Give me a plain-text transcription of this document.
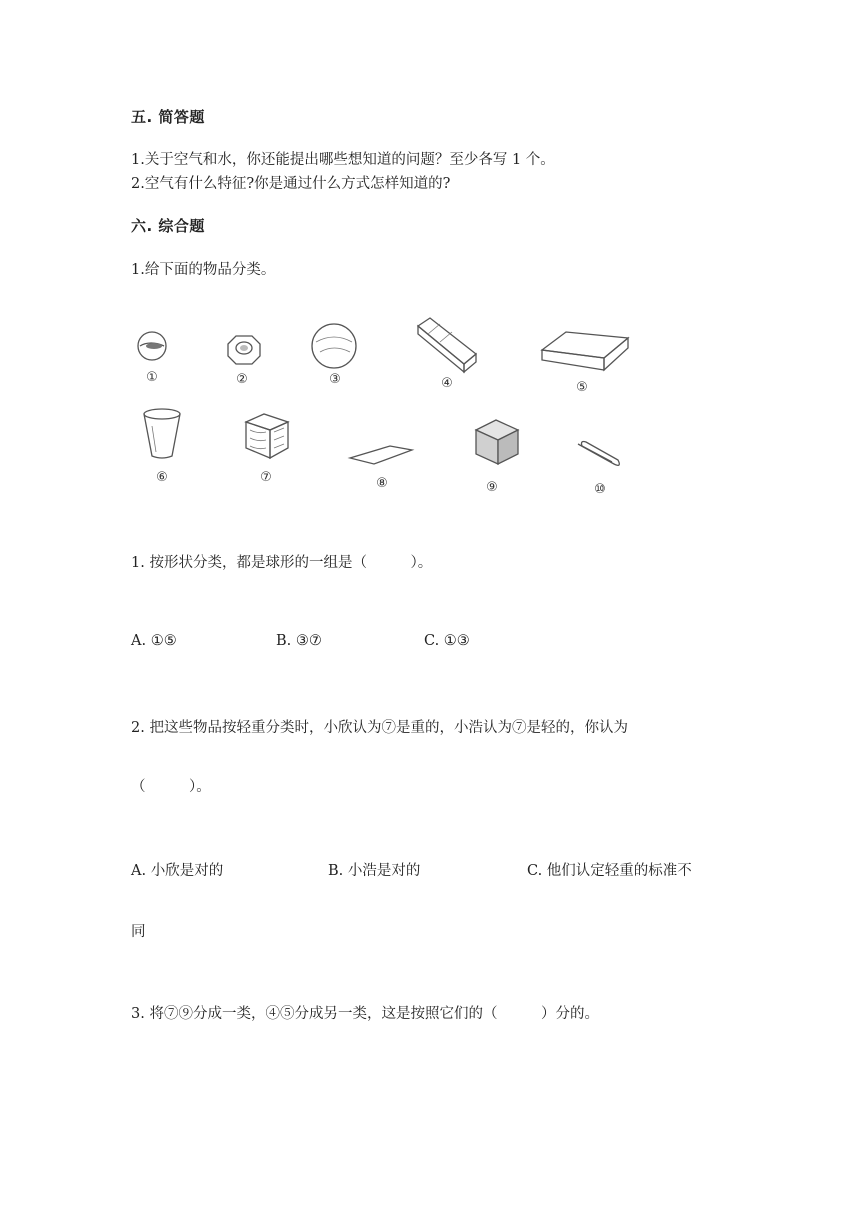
五. 简答题
1.关于空气和水，你还能提出哪些想知道的问题？至少各写 1 个。
2.空气有什么特征?你是通过什么方式怎样知道的?
六. 综合题
1.给下面的物品分类。
①	②	③	④	⑤
⑥	⑦	⑧	⑨	⑩
1. 按形状分类，都是球形的一组是（　　　）。
A. ①⑤	B. ③⑦	C. ①③
2. 把这些物品按轻重分类时，小欣认为⑦是重的，小浩认为⑦是轻的，你认为
（　　　）。
A. 小欣是对的	B. 小浩是对的	C. 他们认定轻重的标准不
同
3. 将⑦⑨分成一类，④⑤分成另一类，这是按照它们的（　　　）分的。
